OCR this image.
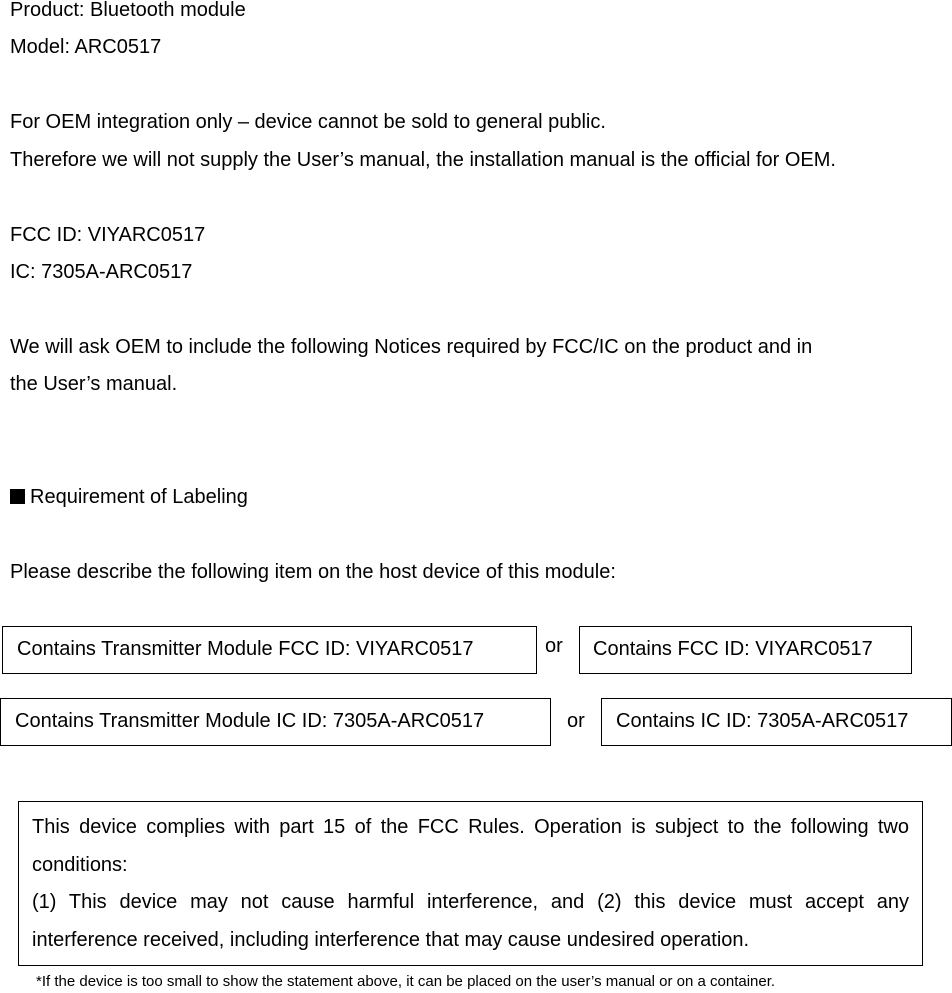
Product: Bluetooth module
Model: ARC0517
For OEM integration only – device cannot be sold to general public.
Therefore we will not supply the User’s manual, the installation manual is the official for OEM.
FCC ID: VIYARC0517
IC: 7305A-ARC0517
We will ask OEM to include the following Notices required by FCC/IC on the product and in
the User’s manual.
Requirement of Labeling
Please describe the following item on the host device of this module:
Contains Transmitter Module FCC ID: VIYARC0517	or	Contains FCC ID: VIYARC0517
Contains Transmitter Module IC ID: 7305A-ARC0517	or	Contains IC ID: 7305A-ARC0517

This device complies with part 15 of the FCC Rules. Operation is subject to the following two conditions:

(1) This device may not cause harmful interference, and (2) this device must accept any interference received, including interference that may cause undesired operation.

*If the device is too small to show the statement above, it can be placed on the user’s manual or on a container.
